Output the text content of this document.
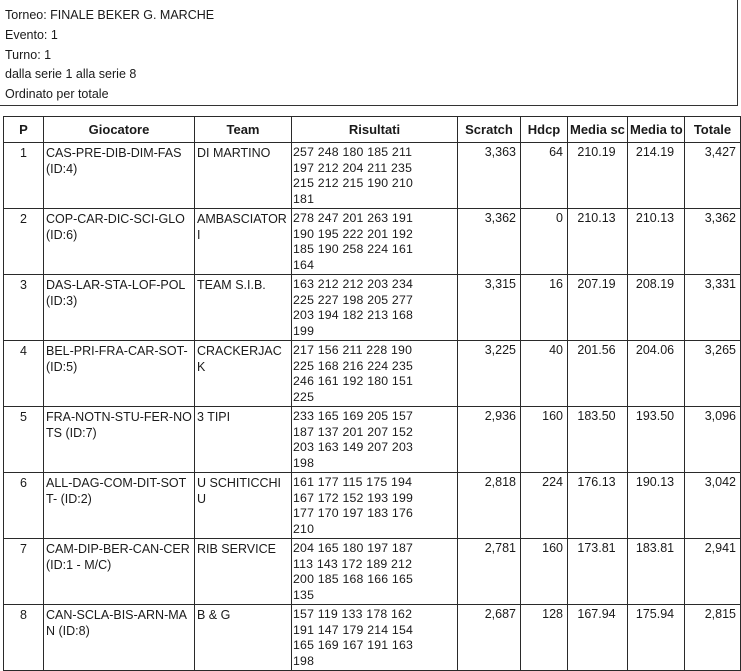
Torneo: FINALE BEKER G. MARCHE
Evento: 1
Turno: 1
dalla serie 1 alla serie 8
Ordinato per totale
P	Giocatore	Team	Risultati	Scratch	Hdcp	Media sc	Media to	Totale
1	CAS-PRE-DIB-DIM-FAS (ID:4)	DI MARTINO	257 248 180 185 211
197 212 204 211 235
215 212 215 190 210
181	3,363	64	210.19	214.19	3,427
2	COP-CAR-DIC-SCI-GLO (ID:6)	AMBASCIATORI	278 247 201 263 191
190 195 222 201 192
185 190 258 224 161
164	3,362	0	210.13	210.13	3,362
3	DAS-LAR-STA-LOF-POL (ID:3)	TEAM S.I.B.	163 212 212 203 234
225 227 198 205 277
203 194 182 213 168
199	3,315	16	207.19	208.19	3,331
4	BEL-PRI-FRA-CAR-SOT- (ID:5)	CRACKERJACK	217 156 211 228 190
225 168 216 224 235
246 161 192 180 151
225	3,225	40	201.56	204.06	3,265
5	FRA-NOTN-STU-FER-NOTS (ID:7)	3 TIPI	233 165 169 205 157
187 137 201 207 152
203 163 149 207 203
198	2,936	160	183.50	193.50	3,096
6	ALL-DAG-COM-DIT-SOTT- (ID:2)	U SCHITICCHIU	161 177 115 175 194
167 172 152 193 199
177 170 197 183 176
210	2,818	224	176.13	190.13	3,042
7	CAM-DIP-BER-CAN-CER (ID:1 - M/C)	RIB SERVICE	204 165 180 197 187
113 143 172 189 212
200 185 168 166 165
135	2,781	160	173.81	183.81	2,941
8	CAN-SCLA-BIS-ARN-MAN (ID:8)	B & G	157 119 133 178 162
191 147 179 214 154
165 169 167 191 163
198	2,687	128	167.94	175.94	2,815
